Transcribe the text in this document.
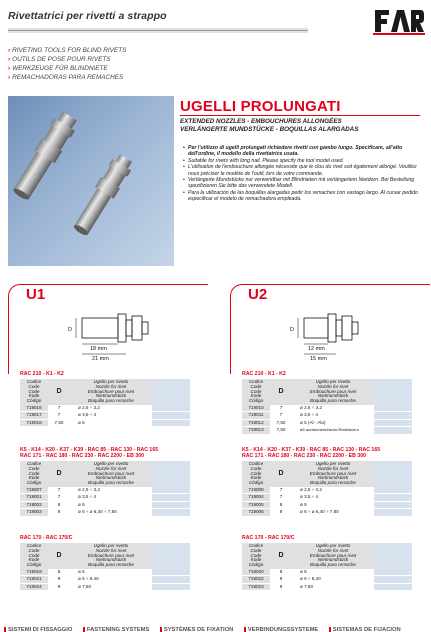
Rivettatrici per rivetti a strappo
› RIVETING TOOLS FOR BLIND RIVETS
› OUTILS DE POSE POUR RIVETS
› WERKZEUGE FÜR BLINDNIETE
› REMACHADORAS PARA REMACHES
UGELLI PROLUNGATI
EXTENDED NOZZLES - EMBOUCHURES ALLONGÉES
VERLÄNGERTE MUNDSTÜCKE - BOQUILLAS ALARGADAS
• Per l'utilizzo di ugelli prolungati richiedere rivetti con gambo lungo. Specificare, all'atto dell'ordine, il modello della rivettatrice usata.
• Suitable for rivets with long nail. Please specify the tool model used.
• L'utilisation de l'embouchure allongée nécessite que le clou du rivet soit également allongé. Veuillez nous préciser le modèle de l'outil, lors de votre commande.
• Verlängerte Mundstücke nur verwendbar mit Blindnieten mit verlängertem Nietdorn. Bei Bestellung spezifizieren Sie bitte das verwendete Modell.
• Para la utilización de las boquillas alargadas pedir los remaches con vastago largo. Al cursar pedido especificar el modelo de remachadora empleada.
U1
D
18 mm
21 mm
RAC 210 - K1 - K2
Codice
Code
Code
Kode
Código	D	Ugello per rivetto
Nozzle for rivet
Embouchure pour rivet
Nietmundstück
Boquilla para remache	

719016	7	ø 2,5 ÷ 3,2	
719017	7	ø 3,5 ÷ 4	
719018	7,50	ø 5	
K5 - K14 - K20 - K37 - K39 - RAC 85 - RAC 130 - RAC 165
RAC 171 - RAC 180 - RAC 230 - RAC 2200 - EB 300
Codice
Code
Code
Kode
Código	D	Ugello per rivetto
Nozzle for rivet
Embouchure pour rivet
Nietmundstück
Boquilla para remache	

719007	7	ø 2,5 ÷ 3,2	
719001	7	ø 3,5 ÷ 4	
719002	8	ø 5	
719003	9	ø 6 ÷ ø 6,40 ÷ 7,80	
RAC 170 - RAC 170/C
Codice
Code
Code
Kode
Código	D	Ugello per rivetto
Nozzle for rivet
Embouchure pour rivet
Nietmundstück
Boquilla para remache	

719019	8	ø 5	
719021	9	ø 6 ÷ 6,40	
719024	9	ø 7,80	
U2
D
12 mm
15 mm
RAC 210 - K1 - K2
Codice
Code
Code
Kode
Código	D	Ugello per rivetto
Nozzle for rivet
Embouchure pour rivet
Nietmundstück
Boquilla para remache	

719010	7	ø 2,5 ÷ 3,2	
719011	7	ø 3,5 ÷ 4	
719012	7,50	ø 5 (Al - Alu)	
719013	7,50	ø5 acciaio/steel/acier/Stahl/acero	
K5 - K14 - K20 - K37 - K39 - RAC 85 - RAC 130 - RAC 165
RAC 171 - RAC 180 - RAC 230 - RAC 2200 - EB 300
Codice
Code
Code
Kode
Código	D	Ugello per rivetto
Nozzle for rivet
Embouchure pour rivet
Nietmundstück
Boquilla para remache	

719008	7	ø 2,5 ÷ 3,2	
719004	7	ø 3,5 ÷ 4	
719005	8	ø 5	
719006	9	ø 6 ÷ ø 6,40 ÷ 7,80	
RAC 170 - RAC 170/C
Codice
Code
Code
Kode
Código	D	Ugello per rivetto
Nozzle for rivet
Embouchure pour rivet
Nietmundstück
Boquilla para remache	

719020	8	ø 5	
719022	9	ø 6 ÷ 6,40	
719023	9	ø 7,80	
SISTEMI DI FISSAGGIO FASTENING SYSTEMS SYSTÈMES DE FIXATION VERBINDUNGSSYSTEME SISTEMAS DE FIJACION
